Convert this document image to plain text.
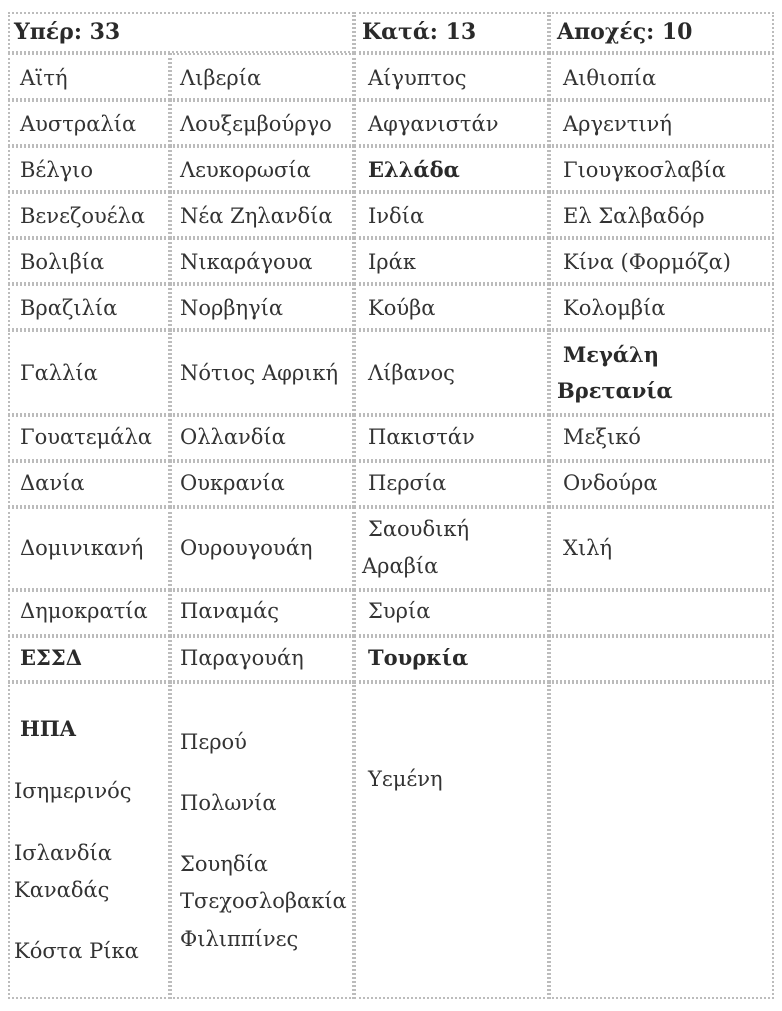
Υπέρ: 33	Κατά: 13	Αποχές: 10
Αϊτή
Αυστραλία
Βέλγιο
Βενεζουέλα
Βολιβία
Βραζιλία
Γαλλία
Γουατεμάλα
Δανία
Δομινικανή
Δημοκρατία
ΕΣΣΔ
ΗΠΑ
Ισημερινός
Ισλανδία
Καναδάς
Κόστα Ρίκα
Λιβερία
Λουξεμβούργο
Λευκορωσία
Νέα Ζηλανδία
Νικαράγουα
Νορβηγία
Νότιος Αφρική
Ολλανδία
Ουκρανία
Ουρουγουάη
Παναμάς
Παραγουάη
Περού
Πολωνία
Σουηδία
Τσεχοσλοβακία
Φιλιππίνες
Αίγυπτος
Αφγανιστάν
Ελλάδα
Ινδία
Ιράκ
Κούβα
Λίβανος
Πακιστάν
Περσία
Σαουδική
Αραβία
Συρία
Τουρκία
Υεμένη
Αιθιοπία
Αργεντινή
Γιουγκοσλαβία
Ελ Σαλβαδόρ
Κίνα (Φορμόζα)
Κολομβία
Μεγάλη
Βρετανία
Μεξικό
Ονδούρα
Χιλή
